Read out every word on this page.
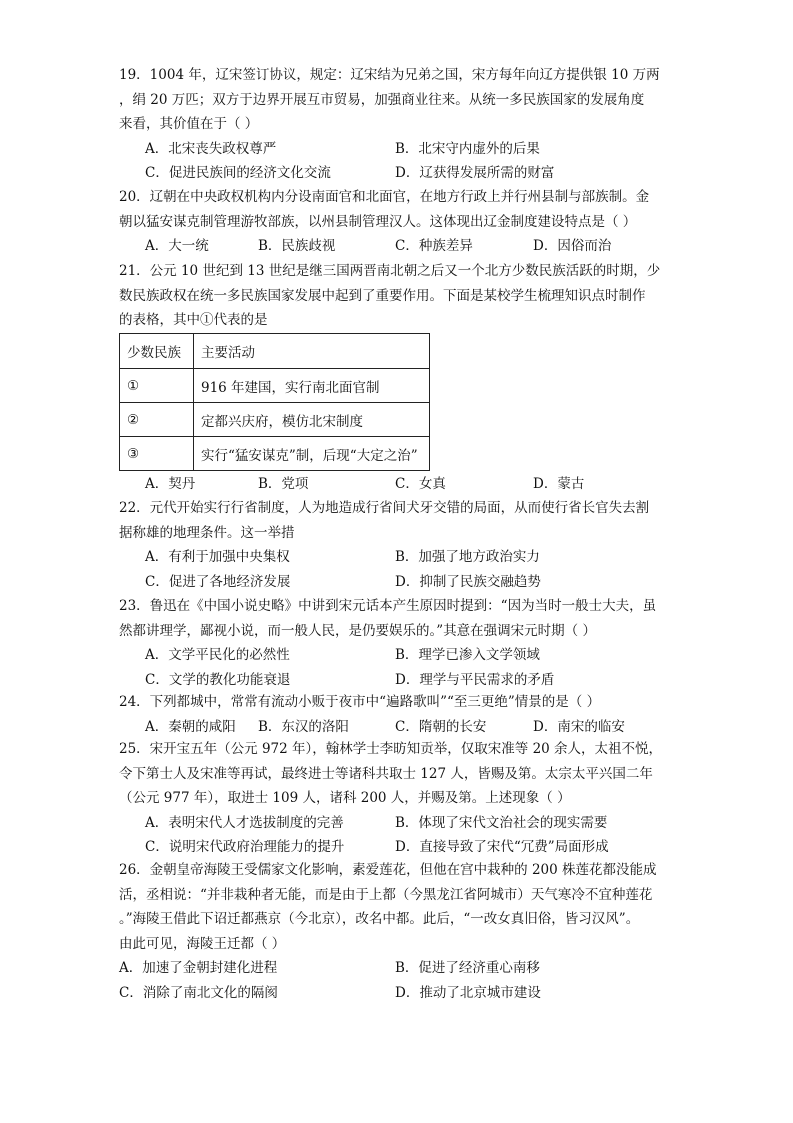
19．1004 年，辽宋签订协议，规定：辽宋结为兄弟之国，宋方每年向辽方提供银 10 万两
，绢 20 万匹；双方于边界开展互市贸易，加强商业往来。从统一多民族国家的发展角度
来看，其价值在于（ ）
A．北宋丧失政权尊严	B．北宋守内虚外的后果
C．促进民族间的经济文化交流	D．辽获得发展所需的财富
20．辽朝在中央政权机构内分设南面官和北面官，在地方行政上并行州县制与部族制。金
朝以猛安谋克制管理游牧部族，以州县制管理汉人。这体现出辽金制度建设特点是（ ）
A．大一统	B．民族歧视	C．种族差异	D．因俗而治
21．公元 10 世纪到 13 世纪是继三国两晋南北朝之后又一个北方少数民族活跃的时期，少
数民族政权在统一多民族国家发展中起到了重要作用。下面是某校学生梳理知识点时制作
的表格，其中①代表的是
少数民族	主要活动
①	916 年建国，实行南北面官制
②	定都兴庆府，模仿北宋制度
③	实行“猛安谋克”制，后现“大定之治”
A．契丹	B．党项	C．女真	D．蒙古
22．元代开始实行行省制度，人为地造成行省间犬牙交错的局面，从而使行省长官失去割
据称雄的地理条件。这一举措
A．有利于加强中央集权	B．加强了地方政治实力
C．促进了各地经济发展	D．抑制了民族交融趋势
23．鲁迅在《中国小说史略》中讲到宋元话本产生原因时提到：“因为当时一般士大夫，虽
然都讲理学，鄙视小说，而一般人民，是仍要娱乐的。”其意在强调宋元时期（ ）
A．文学平民化的必然性	B．理学已渗入文学领域
C．文学的教化功能衰退	D．理学与平民需求的矛盾
24．下列都城中，常常有流动小贩于夜市中“遍路歌叫”“至三更绝”情景的是（ ）
A．秦朝的咸阳 B．东汉的洛阳	C．隋朝的长安	D．南宋的临安
25．宋开宝五年（公元 972 年），翰林学士李昉知贡举，仅取宋准等 20 余人，太祖不悦，
令下第士人及宋准等再试，最终进士等诸科共取士 127 人，皆赐及第。太宗太平兴国二年
（公元 977 年），取进士 109 人，诸科 200 人，并赐及第。上述现象（ ）
A．表明宋代人才选拔制度的完善	B．体现了宋代文治社会的现实需要
C．说明宋代政府治理能力的提升	D．直接导致了宋代“冗费”局面形成
26．金朝皇帝海陵王受儒家文化影响，素爱莲花，但他在宫中栽种的 200 株莲花都没能成
活，丞相说：“并非栽种者无能，而是由于上都（今黑龙江省阿城市）天气寒冷不宜种莲花
。”海陵王借此下诏迁都燕京（今北京），改名中都。此后，“一改女真旧俗，皆习汉风”。
由此可见，海陵王迁都（ ）
A．加速了金朝封建化进程	B．促进了经济重心南移
C．消除了南北文化的隔阂	D．推动了北京城市建设
